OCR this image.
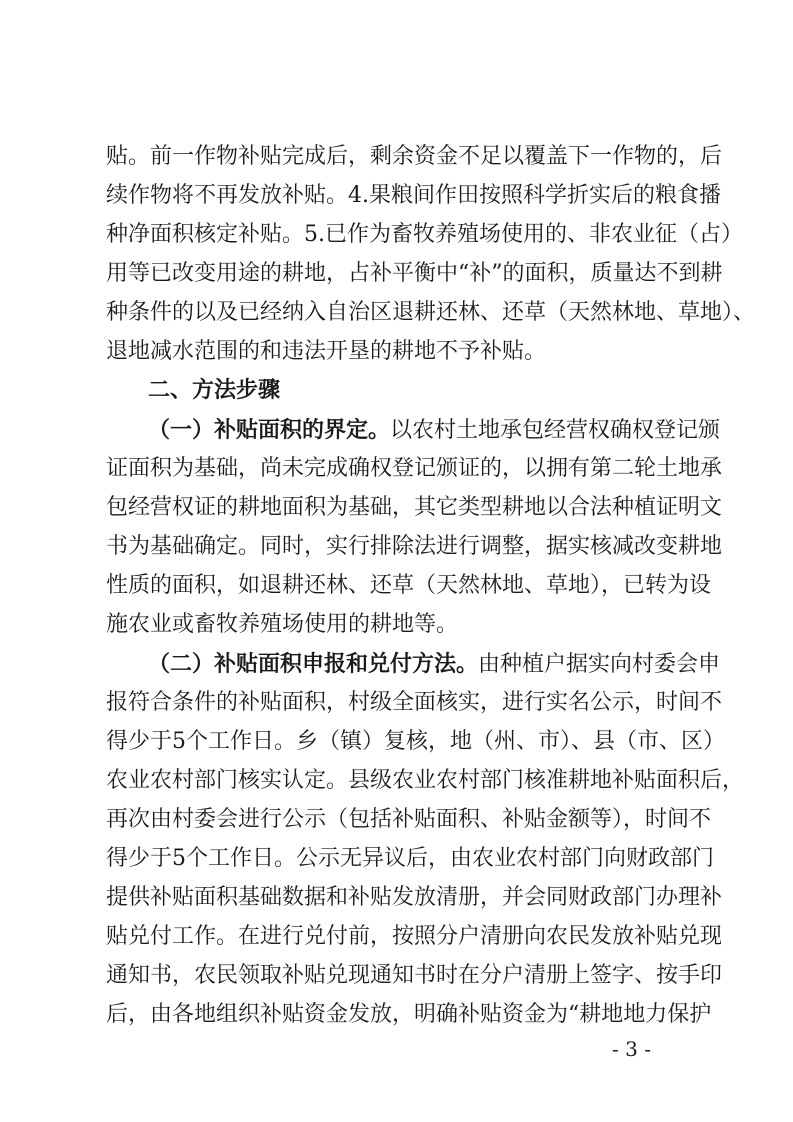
贴。前一作物补贴完成后，剩余资金不足以覆盖下一作物的，后
续作物将不再发放补贴。4.果粮间作田按照科学折实后的粮食播
种净面积核定补贴。5.已作为畜牧养殖场使用的、非农业征（占）
用等已改变用途的耕地，占补平衡中“补”的面积，质量达不到耕
种条件的以及已经纳入自治区退耕还林、还草（天然林地、草地）、
退地减水范围的和违法开垦的耕地不予补贴。
二、方法步骤
（一）补贴面积的界定。以农村土地承包经营权确权登记颁
证面积为基础，尚未完成确权登记颁证的，以拥有第二轮土地承
包经营权证的耕地面积为基础，其它类型耕地以合法种植证明文
书为基础确定。同时，实行排除法进行调整，据实核减改变耕地
性质的面积，如退耕还林、还草（天然林地、草地），已转为设
施农业或畜牧养殖场使用的耕地等。
（二）补贴面积申报和兑付方法。由种植户据实向村委会申
报符合条件的补贴面积，村级全面核实，进行实名公示，时间不
得少于5个工作日。乡（镇）复核，地（州、市）、县（市、区）
农业农村部门核实认定。县级农业农村部门核准耕地补贴面积后，
再次由村委会进行公示（包括补贴面积、补贴金额等），时间不
得少于5个工作日。公示无异议后，由农业农村部门向财政部门
提供补贴面积基础数据和补贴发放清册，并会同财政部门办理补
贴兑付工作。在进行兑付前，按照分户清册向农民发放补贴兑现
通知书，农民领取补贴兑现通知书时在分户清册上签字、按手印
后，由各地组织补贴资金发放，明确补贴资金为“耕地地力保护
- 3 -
